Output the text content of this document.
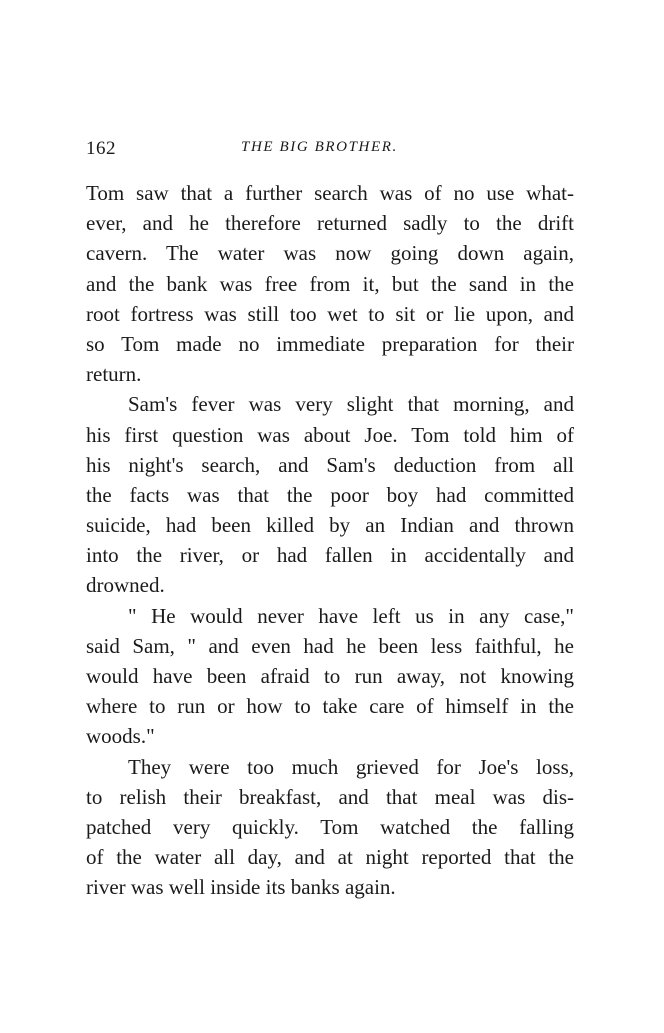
162	THE BIG BROTHER.
Tom saw that a further search was of no use what-
ever, and he therefore returned sadly to the drift
cavern. The water was now going down again,
and the bank was free from it, but the sand in the
root fortress was still too wet to sit or lie upon, and
so Tom made no immediate preparation for their
return.
Sam's fever was very slight that morning, and
his first question was about Joe. Tom told him of
his night's search, and Sam's deduction from all
the facts was that the poor boy had committed
suicide, had been killed by an Indian and thrown
into the river, or had fallen in accidentally and
drowned.
" He would never have left us in any case,"
said Sam, " and even had he been less faithful, he
would have been afraid to run away, not knowing
where to run or how to take care of himself in the
woods."
They were too much grieved for Joe's loss,
to relish their breakfast, and that meal was dis-
patched very quickly. Tom watched the falling
of the water all day, and at night reported that the
river was well inside its banks again.
